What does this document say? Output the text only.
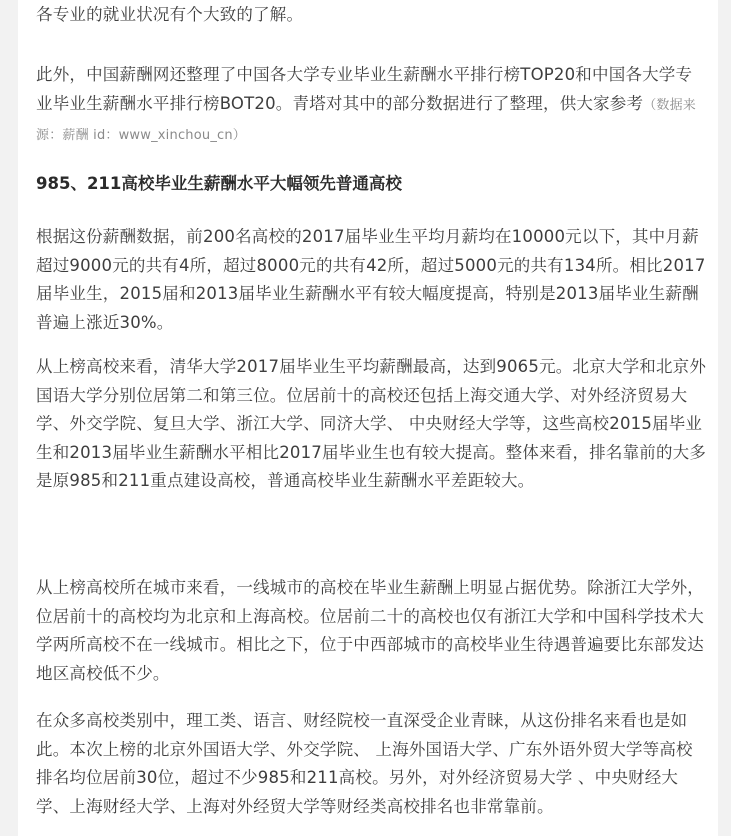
各专业的就业状况有个大致的了解。

此外，中国薪酬网还整理了中国各大学专业毕业生薪酬水平排行榜TOP20和中国各大学专业毕业生薪酬水平排行榜BOT20。青塔对其中的部分数据进行了整理，供大家参考（数据来源：薪酬 id：www_xinchou_cn）

985、211高校毕业生薪酬水平大幅领先普通高校

根据这份薪酬数据，前200名高校的2017届毕业生平均月薪均在10000元以下，其中月薪超过9000元的共有4所，超过8000元的共有42所，超过5000元的共有134所。相比2017届毕业生，2015届和2013届毕业生薪酬水平有较大幅度提高，特别是2013届毕业生薪酬普遍上涨近30%。

从上榜高校来看，清华大学2017届毕业生平均薪酬最高，达到9065元。北京大学和北京外国语大学分别位居第二和第三位。位居前十的高校还包括上海交通大学、对外经济贸易大学、外交学院、复旦大学、浙江大学、同济大学、 中央财经大学等，这些高校2015届毕业生和2013届毕业生薪酬水平相比2017届毕业生也有较大提高。整体来看，排名靠前的大多是原985和211重点建设高校，普通高校毕业生薪酬水平差距较大。

从上榜高校所在城市来看，一线城市的高校在毕业生薪酬上明显占据优势。除浙江大学外，位居前十的高校均为北京和上海高校。位居前二十的高校也仅有浙江大学和中国科学技术大学两所高校不在一线城市。相比之下，位于中西部城市的高校毕业生待遇普遍要比东部发达地区高校低不少。

在众多高校类别中，理工类、语言、财经院校一直深受企业青睐，从这份排名来看也是如此。本次上榜的北京外国语大学、外交学院、 上海外国语大学、广东外语外贸大学等高校排名均位居前30位，超过不少985和211高校。另外，对外经济贸易大学 、中央财经大学、上海财经大学、上海对外经贸大学等财经类高校排名也非常靠前。
